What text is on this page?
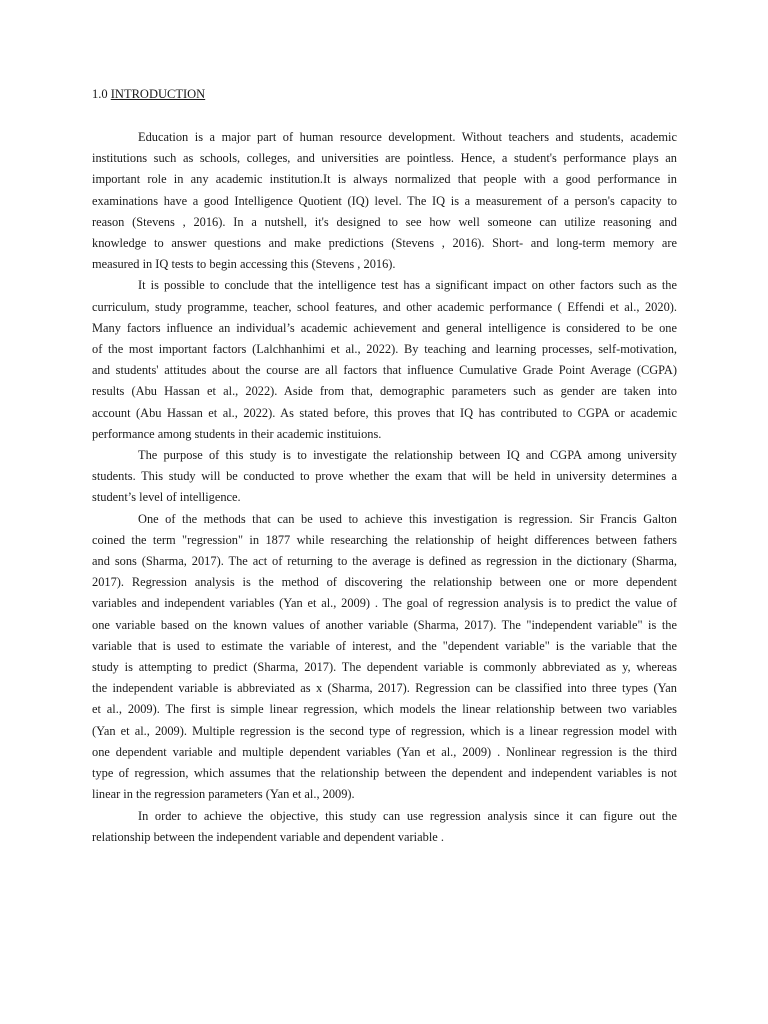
1.0 INTRODUCTION
Education is a major part of human resource development. Without teachers and students, academic
institutions such as schools, colleges, and universities are pointless. Hence, a student's performance plays an
important role in any academic institution.It is always normalized that people with a good performance in
examinations have a good Intelligence Quotient (IQ) level. The IQ is a measurement of a person's capacity to
reason (Stevens , 2016). In a nutshell, it's designed to see how well someone can utilize reasoning and
knowledge to answer questions and make predictions (Stevens , 2016). Short- and long-term memory are
measured in IQ tests to begin accessing this (Stevens , 2016).
It is possible to conclude that the intelligence test has a significant impact on other factors such as the
curriculum, study programme, teacher, school features, and other academic performance ( Effendi et al., 2020).
Many factors influence an individual’s academic achievement and general intelligence is considered to be one
of the most important factors (Lalchhanhimi et al., 2022). By teaching and learning processes, self-motivation,
and students' attitudes about the course are all factors that influence Cumulative Grade Point Average (CGPA)
results (Abu Hassan et al., 2022). Aside from that, demographic parameters such as gender are taken into
account (Abu Hassan et al., 2022). As stated before, this proves that IQ has contributed to CGPA or academic
performance among students in their academic instituions.
The purpose of this study is to investigate the relationship between IQ and CGPA among university
students. This study will be conducted to prove whether the exam that will be held in university determines a
student’s level of intelligence.
One of the methods that can be used to achieve this investigation is regression. Sir Francis Galton
coined the term "regression" in 1877 while researching the relationship of height differences between fathers
and sons (Sharma, 2017). The act of returning to the average is defined as regression in the dictionary (Sharma,
2017). Regression analysis is the method of discovering the relationship between one or more dependent
variables and independent variables (Yan et al., 2009) . The goal of regression analysis is to predict the value of
one variable based on the known values of another variable (Sharma, 2017). The "independent variable" is the
variable that is used to estimate the variable of interest, and the "dependent variable" is the variable that the
study is attempting to predict (Sharma, 2017). The dependent variable is commonly abbreviated as y, whereas
the independent variable is abbreviated as x (Sharma, 2017). Regression can be classified into three types (Yan
et al., 2009). The first is simple linear regression, which models the linear relationship between two variables
(Yan et al., 2009). Multiple regression is the second type of regression, which is a linear regression model with
one dependent variable and multiple dependent variables (Yan et al., 2009) . Nonlinear regression is the third
type of regression, which assumes that the relationship between the dependent and independent variables is not
linear in the regression parameters (Yan et al., 2009).
In order to achieve the objective, this study can use regression analysis since it can figure out the
relationship between the independent variable and dependent variable .
